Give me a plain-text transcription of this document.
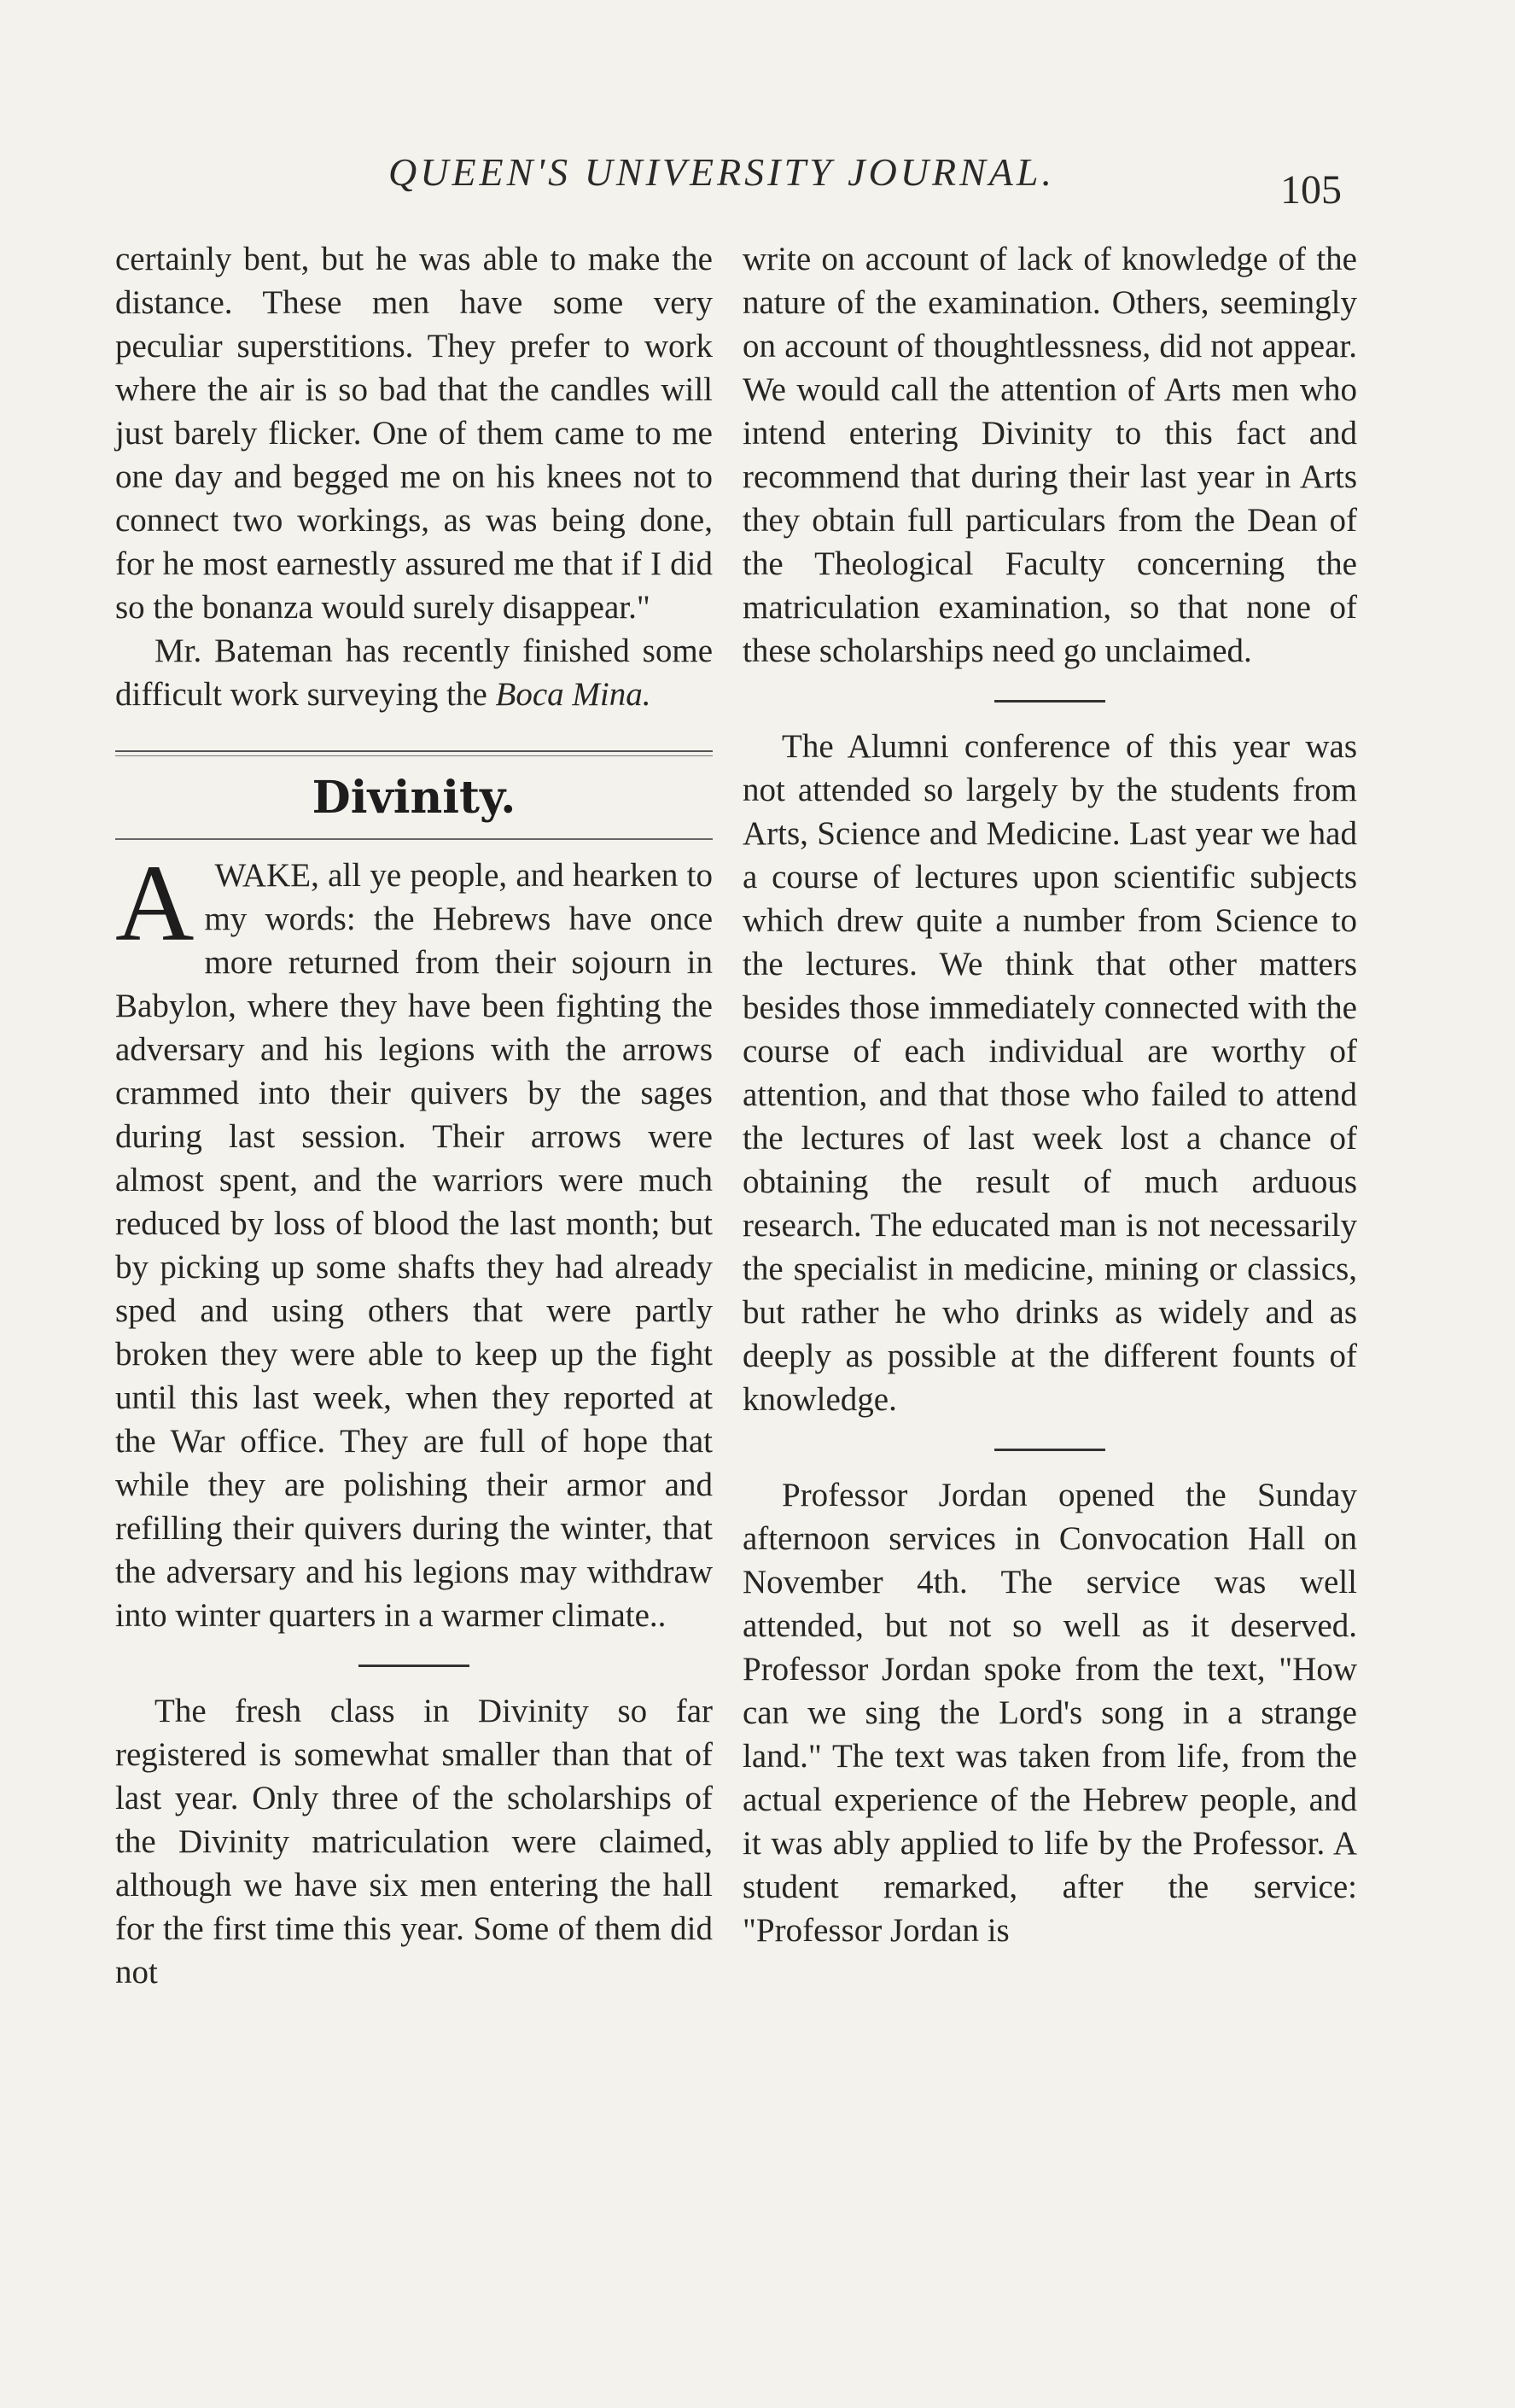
QUEEN'S UNIVERSITY JOURNAL.	105

certainly bent, but he was able to make the distance. These men have some very peculiar superstitions. They prefer to work where the air is so bad that the candles will just barely flicker. One of them came to me one day and begged me on his knees not to connect two workings, as was being done, for he most earnestly assured me that if I did so the bonanza would surely disappear."

Mr. Bateman has recently finished some difficult work surveying the Boca Mina.

Divinity.

AWAKE, all ye people, and hearken to my words: the Hebrews have once more returned from their sojourn in Babylon, where they have been fighting the adversary and his legions with the arrows crammed into their quivers by the sages during last session. Their arrows were almost spent, and the warriors were much reduced by loss of blood the last month; but by picking up some shafts they had already sped and using others that were partly broken they were able to keep up the fight until this last week, when they reported at the War office. They are full of hope that while they are polishing their armor and refilling their quivers during the winter, that the adversary and his legions may withdraw into winter quarters in a warmer climate..

The fresh class in Divinity so far registered is somewhat smaller than that of last year. Only three of the scholarships of the Divinity matriculation were claimed, although we have six men entering the hall for the first time this year. Some of them did not

write on account of lack of knowledge of the nature of the examination. Others, seemingly on account of thoughtlessness, did not appear. We would call the attention of Arts men who intend entering Divinity to this fact and recommend that during their last year in Arts they obtain full particulars from the Dean of the Theological Faculty concerning the matriculation examination, so that none of these scholarships need go unclaimed.

The Alumni conference of this year was not attended so largely by the students from Arts, Science and Medicine. Last year we had a course of lectures upon scientific subjects which drew quite a number from Science to the lectures. We think that other matters besides those immediately connected with the course of each individual are worthy of attention, and that those who failed to attend the lectures of last week lost a chance of obtaining the result of much arduous research. The educated man is not necessarily the specialist in medicine, mining or classics, but rather he who drinks as widely and as deeply as possible at the different founts of knowledge.

Professor Jordan opened the Sunday afternoon services in Convocation Hall on November 4th. The service was well attended, but not so well as it deserved. Professor Jordan spoke from the text, "How can we sing the Lord's song in a strange land." The text was taken from life, from the actual experience of the Hebrew people, and it was ably applied to life by the Professor. A student remarked, after the service: "Professor Jordan is
